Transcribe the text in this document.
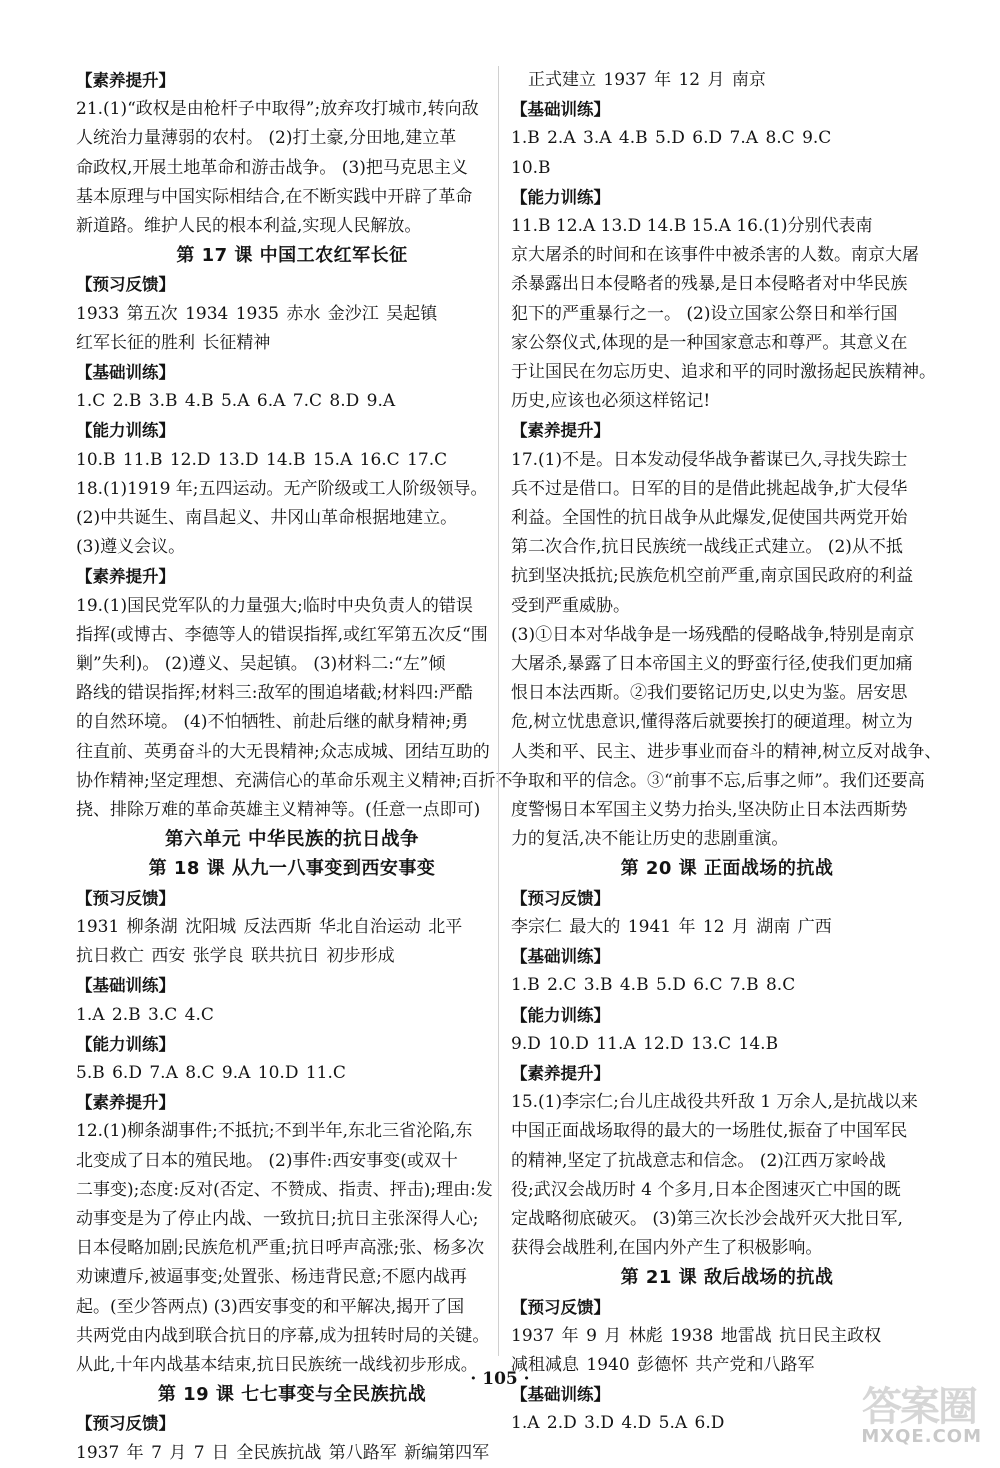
【素养提升】
21.(1)“政权是由枪杆子中取得”;放弃攻打城市,转向敌
人统治力量薄弱的农村。 (2)打土豪,分田地,建立革
命政权,开展土地革命和游击战争。 (3)把马克思主义
基本原理与中国实际相结合,在不断实践中开辟了革命
新道路。维护人民的根本利益,实现人民解放。
第 17 课 中国工农红军长征
【预习反馈】
1933 第五次 1934 1935 赤水 金沙江 吴起镇
红军长征的胜利 长征精神
【基础训练】
1.C 2.B 3.B 4.B 5.A 6.A 7.C 8.D 9.A
【能力训练】
10.B 11.B 12.D 13.D 14.B 15.A 16.C 17.C
18.(1)1919 年;五四运动。无产阶级或工人阶级领导。
(2)中共诞生、南昌起义、井冈山革命根据地建立。
(3)遵义会议。
【素养提升】
19.(1)国民党军队的力量强大;临时中央负责人的错误
指挥(或博古、李德等人的错误指挥,或红军第五次反“围
剿”失利)。 (2)遵义、吴起镇。 (3)材料二:“左”倾
路线的错误指挥;材料三:敌军的围追堵截;材料四:严酷
的自然环境。 (4)不怕牺牲、前赴后继的献身精神;勇
往直前、英勇奋斗的大无畏精神;众志成城、团结互助的
协作精神;坚定理想、充满信心的革命乐观主义精神;百折不
挠、排除万难的革命英雄主义精神等。(任意一点即可)
第六单元 中华民族的抗日战争
第 18 课 从九一八事变到西安事变
【预习反馈】
1931 柳条湖 沈阳城 反法西斯 华北自治运动 北平
抗日救亡 西安 张学良 联共抗日 初步形成
【基础训练】
1.A 2.B 3.C 4.C
【能力训练】
5.B 6.D 7.A 8.C 9.A 10.D 11.C
【素养提升】
12.(1)柳条湖事件;不抵抗;不到半年,东北三省沦陷,东
北变成了日本的殖民地。 (2)事件:西安事变(或双十
二事变);态度:反对(否定、不赞成、指责、抨击);理由:发
动事变是为了停止内战、一致抗日;抗日主张深得人心;
日本侵略加剧;民族危机严重;抗日呼声高涨;张、杨多次
劝谏遭斥,被逼事变;处置张、杨违背民意;不愿内战再
起。(至少答两点) (3)西安事变的和平解决,揭开了国
共两党由内战到联合抗日的序幕,成为扭转时局的关键。
从此,十年内战基本结束,抗日民族统一战线初步形成。
第 19 课 七七事变与全民族抗战
【预习反馈】
1937 年 7 月 7 日 全民族抗战 第八路军 新编第四军
正式建立 1937 年 12 月 南京
【基础训练】
1.B 2.A 3.A 4.B 5.D 6.D 7.A 8.C 9.C
10.B
【能力训练】
11.B 12.A 13.D 14.B 15.A 16.(1)分别代表南
京大屠杀的时间和在该事件中被杀害的人数。南京大屠
杀暴露出日本侵略者的残暴,是日本侵略者对中华民族
犯下的严重暴行之一。 (2)设立国家公祭日和举行国
家公祭仪式,体现的是一种国家意志和尊严。其意义在
于让国民在勿忘历史、追求和平的同时激扬起民族精神。
历史,应该也必须这样铭记!
【素养提升】
17.(1)不是。日本发动侵华战争蓄谋已久,寻找失踪士
兵不过是借口。日军的目的是借此挑起战争,扩大侵华
利益。全国性的抗日战争从此爆发,促使国共两党开始
第二次合作,抗日民族统一战线正式建立。 (2)从不抵
抗到坚决抵抗;民族危机空前严重,南京国民政府的利益
受到严重威胁。
(3)①日本对华战争是一场残酷的侵略战争,特别是南京
大屠杀,暴露了日本帝国主义的野蛮行径,使我们更加痛
恨日本法西斯。②我们要铭记历史,以史为鉴。居安思
危,树立忧患意识,懂得落后就要挨打的硬道理。树立为
人类和平、民主、进步事业而奋斗的精神,树立反对战争、
争取和平的信念。③“前事不忘,后事之师”。我们还要高
度警惕日本军国主义势力抬头,坚决防止日本法西斯势
力的复活,决不能让历史的悲剧重演。
第 20 课 正面战场的抗战
【预习反馈】
李宗仁 最大的 1941 年 12 月 湖南 广西
【基础训练】
1.B 2.C 3.B 4.B 5.D 6.C 7.B 8.C
【能力训练】
9.D 10.D 11.A 12.D 13.C 14.B
【素养提升】
15.(1)李宗仁;台儿庄战役共歼敌 1 万余人,是抗战以来
中国正面战场取得的最大的一场胜仗,振奋了中国军民
的精神,坚定了抗战意志和信念。 (2)江西万家岭战
役;武汉会战历时 4 个多月,日本企图速灭亡中国的既
定战略彻底破灭。 (3)第三次长沙会战歼灭大批日军,
获得会战胜利,在国内外产生了积极影响。
第 21 课 敌后战场的抗战
【预习反馈】
1937 年 9 月 林彪 1938 地雷战 抗日民主政权
减租减息 1940 彭德怀 共产党和八路军
【基础训练】
1.A 2.D 3.D 4.D 5.A 6.D
· 105 ·
答案圈
MXQE.COM
